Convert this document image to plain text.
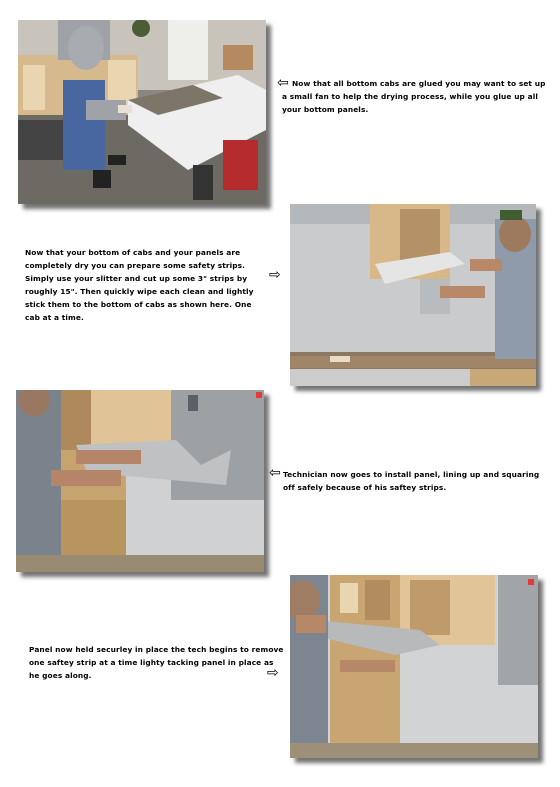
⇦ Now that all bottom cabs are glued you may want to set up a small fan to help the drying process, while you glue up all your bottom panels.
Now that your bottom of cabs and your panels are completely dry you can prepare some safety strips. Simply use your slitter and cut up some 3" strips by roughly 15". Then quickly wipe each clean and lightly stick them to the bottom of cabs as shown here. One cab at a time.
⇨
⇦ Technician now goes to install panel, lining up and squaring off safely because of his saftey strips.
Panel now held securley in place the tech begins to remove one saftey strip at a time lighty tacking panel in place as he goes along.	⇨
